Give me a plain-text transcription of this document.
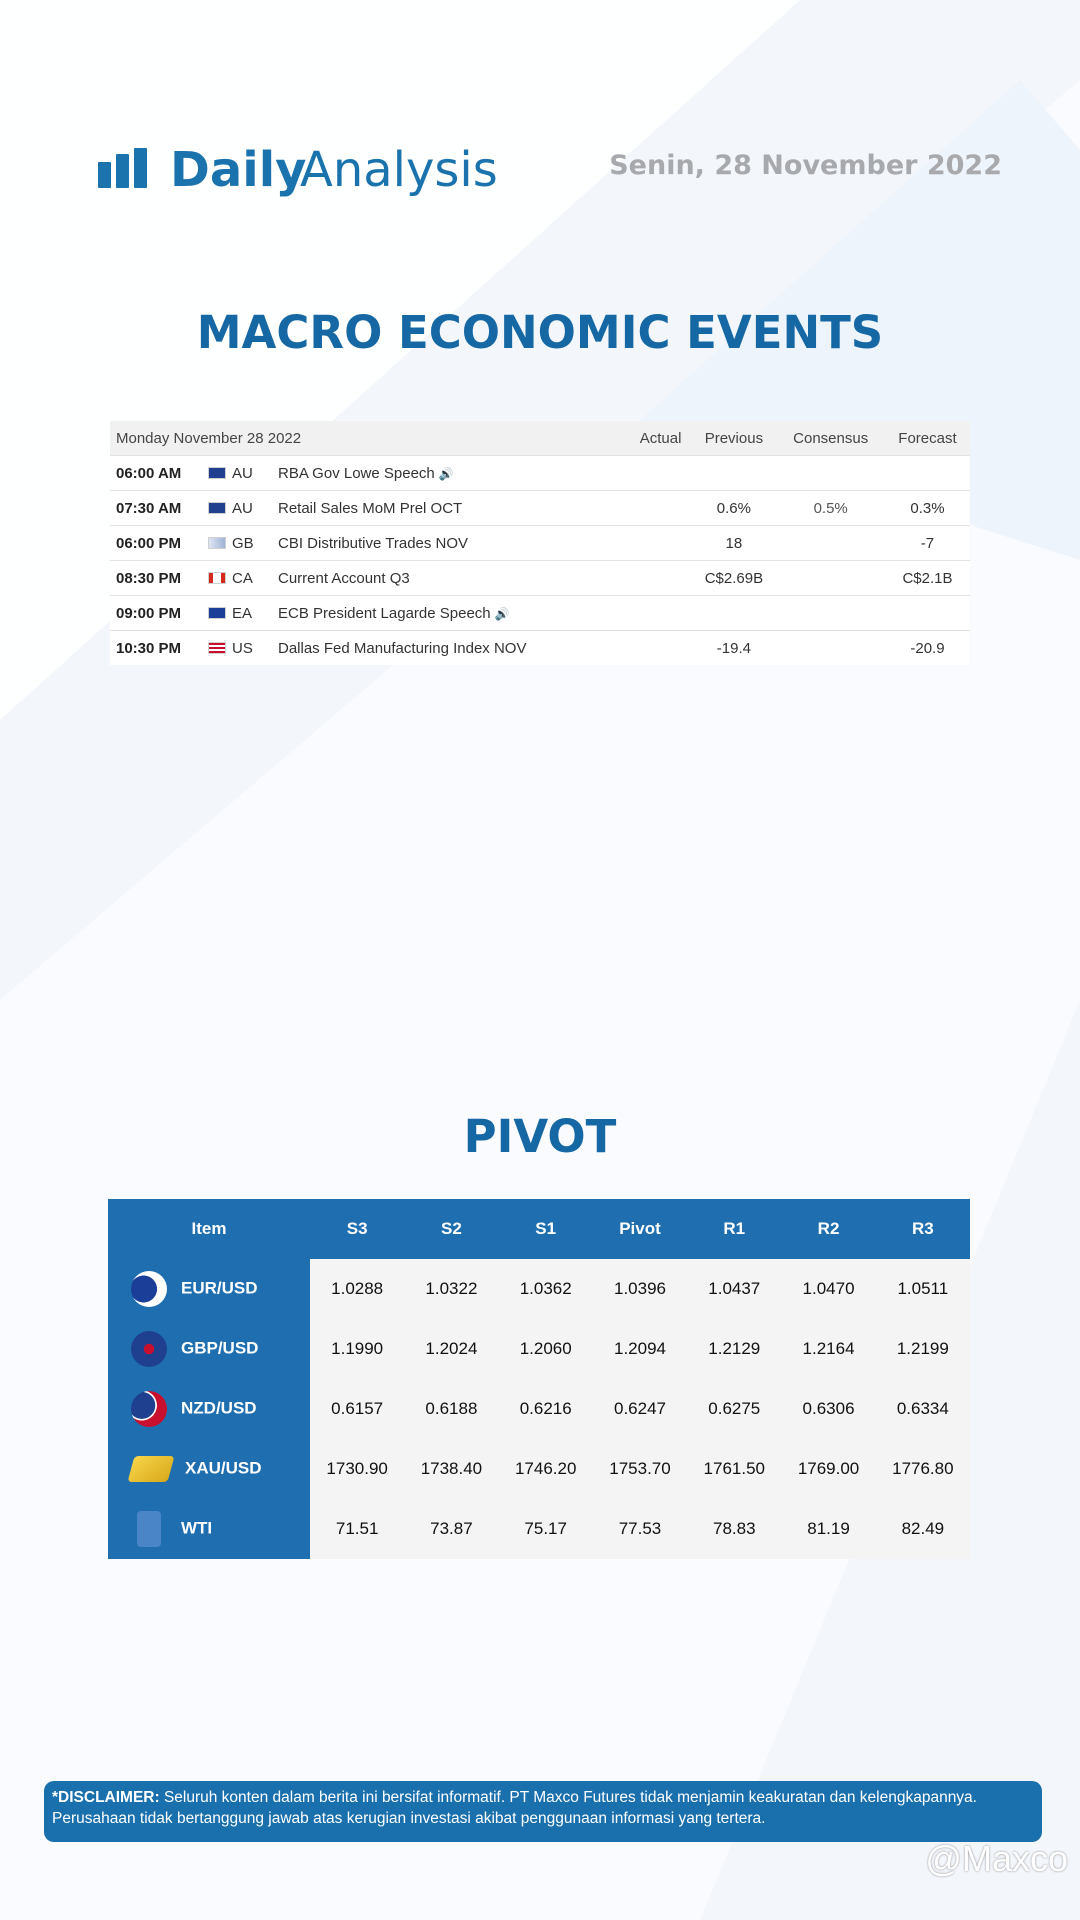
Daily
Analysis	Senin, 28 November 2022
MACRO ECONOMIC EVENTS
Monday November 28 2022			Actual	Previous	Consensus	Forecast
06:00 AM	AU	RBA Gov Lowe Speech 🔊				
07:30 AM	AU	Retail Sales MoM Prel OCT		0.6%	0.5%	0.3%
06:00 PM	GB	CBI Distributive Trades NOV		18		-7
08:30 PM	CA	Current Account Q3		C$2.69B		C$2.1B
09:00 PM	EA	ECB President Lagarde Speech 🔊				
10:30 PM	US	Dallas Fed Manufacturing Index NOV		-19.4		-20.9
PIVOT
Item	S3	S2	S1	Pivot	R1	R2	R3
EUR/USD	1.0288	1.0322	1.0362	1.0396	1.0437	1.0470	1.0511
GBP/USD	1.1990	1.2024	1.2060	1.2094	1.2129	1.2164	1.2199
NZD/USD	0.6157	0.6188	0.6216	0.6247	0.6275	0.6306	0.6334
XAU/USD	1730.90	1738.40	1746.20	1753.70	1761.50	1769.00	1776.80
WTI	71.51	73.87	75.17	77.53	78.83	81.19	82.49
*DISCLAIMER: Seluruh konten dalam berita ini bersifat informatif. PT Maxco Futures tidak menjamin keakuratan dan kelengkapannya. Perusahaan tidak bertanggung jawab atas kerugian investasi akibat penggunaan informasi yang tertera.
@Maxco
